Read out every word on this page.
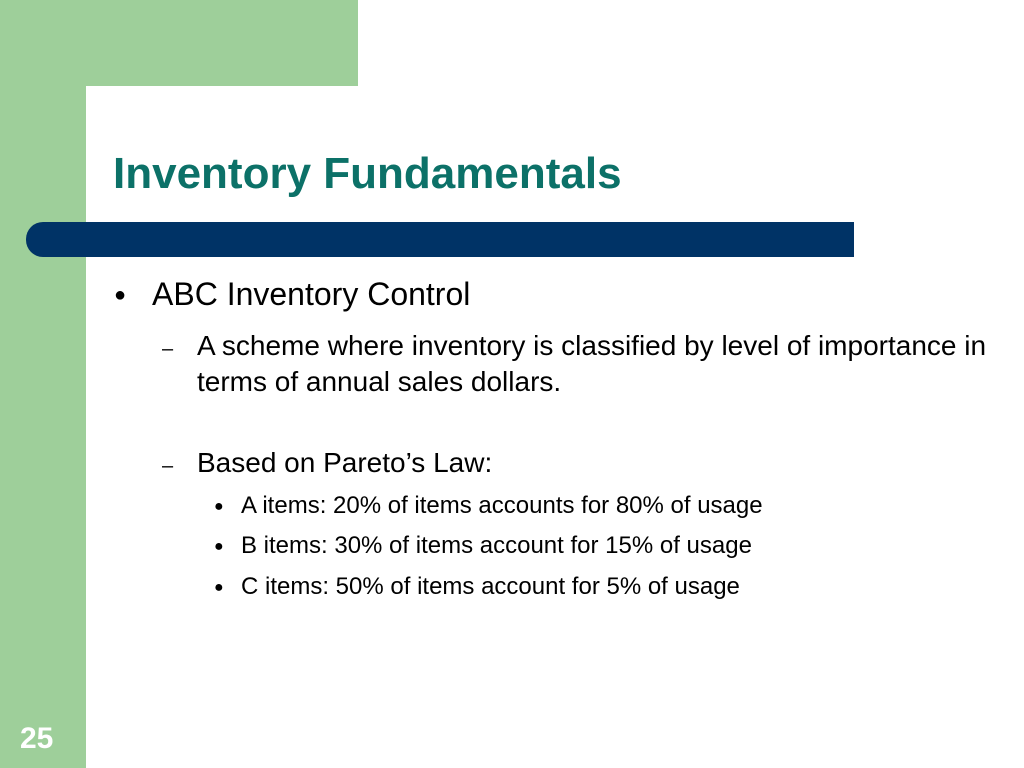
Inventory Fundamentals
● ABC Inventory Control
– A scheme where inventory is classified by level of importance in terms of annual sales dollars.
– Based on Pareto’s Law:
● A items: 20% of items accounts for 80% of usage
● B items: 30% of items account for 15% of usage
● C items: 50% of items account for 5% of usage
25
